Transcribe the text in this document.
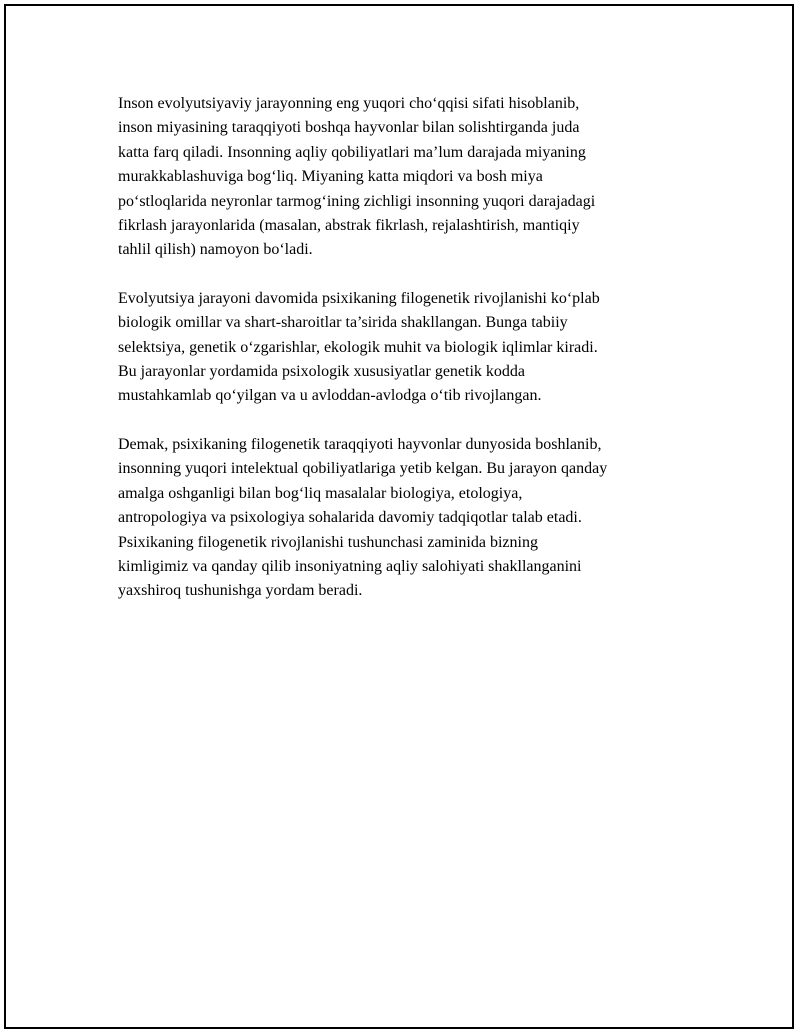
Inson evolyutsiyaviy jarayonning eng yuqori cho‘qqisi sifati hisoblanib,
inson miyasining taraqqiyoti boshqa hayvonlar bilan solishtirganda juda
katta farq qiladi. Insonning aqliy qobiliyatlari ma’lum darajada miyaning
murakkablashuviga bog‘liq. Miyaning katta miqdori va bosh miya
po‘stloqlarida neyronlar tarmog‘ining zichligi insonning yuqori darajadagi
fikrlash jarayonlarida (masalan, abstrak fikrlash, rejalashtirish, mantiqiy
tahlil qilish) namoyon bo‘ladi.

Evolyutsiya jarayoni davomida psixikaning filogenetik rivojlanishi ko‘plab
biologik omillar va shart-sharoitlar ta’sirida shakllangan. Bunga tabiiy
selektsiya, genetik o‘zgarishlar, ekologik muhit va biologik iqlimlar kiradi.
Bu jarayonlar yordamida psixologik xususiyatlar genetik kodda
mustahkamlab qo‘yilgan va u avloddan-avlodga o‘tib rivojlangan.

Demak, psixikaning filogenetik taraqqiyoti hayvonlar dunyosida boshlanib,
insonning yuqori intelektual qobiliyatlariga yetib kelgan. Bu jarayon qanday
amalga oshganligi bilan bog‘liq masalalar biologiya, etologiya,
antropologiya va psixologiya sohalarida davomiy tadqiqotlar talab etadi.
Psixikaning filogenetik rivojlanishi tushunchasi zaminida bizning
kimligimiz va qanday qilib insoniyatning aqliy salohiyati shakllanganini
yaxshiroq tushunishga yordam beradi.
